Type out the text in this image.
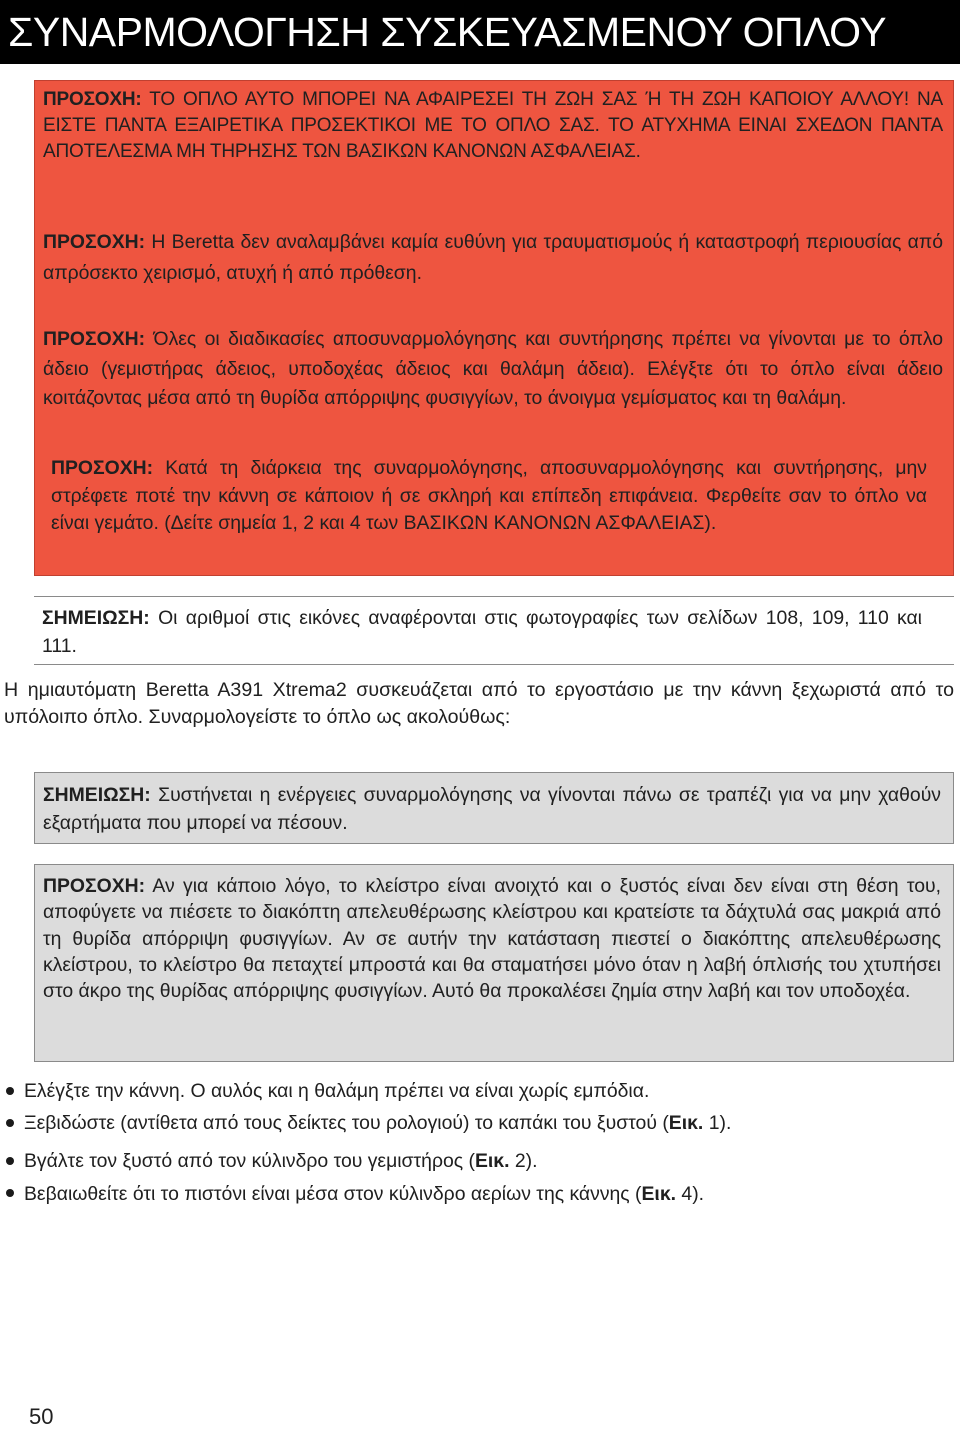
ΣΥΝΑΡΜΟΛΟΓΗΣΗ ΣΥΣΚΕΥΑΣΜΕΝΟΥ ΟΠΛΟΥ
ΠΡΟΣΟΧΗ: ΤΟ ΟΠΛΟ ΑΥΤΟ ΜΠΟΡΕΙ ΝΑ ΑΦΑΙΡΕΣΕΙ ΤΗ ΖΩΗ ΣΑΣ Ή ΤΗ ΖΩΗ ΚΑΠΟΙΟΥ ΑΛΛΟΥ! ΝΑ ΕΙΣΤΕ ΠΑΝΤΑ ΕΞΑΙΡΕΤΙΚΑ ΠΡΟΣΕΚΤΙΚΟΙ ΜΕ ΤΟ ΟΠΛΟ ΣΑΣ. ΤΟ ΑΤΥΧΗΜΑ ΕΙΝΑΙ ΣΧΕΔΟΝ ΠΑΝΤΑ ΑΠΟΤΕΛΕΣΜΑ ΜΗ ΤΗΡΗΣΗΣ ΤΩΝ ΒΑΣΙΚΩΝ ΚΑΝΟΝΩΝ ΑΣΦΑΛΕΙΑΣ.
ΠΡΟΣΟΧΗ: Η Beretta δεν αναλαμβάνει καμία ευθύνη για τραυματισμούς ή καταστροφή περιουσίας από απρόσεκτο χειρισμό, ατυχή ή από πρόθεση.
ΠΡΟΣΟΧΗ: Όλες οι διαδικασίες αποσυναρμολόγησης και συντήρησης πρέπει να γίνονται με το όπλο άδειο (γεμιστήρας άδειος, υποδοχέας άδειος και θαλάμη άδεια). Ελέγξτε ότι το όπλο είναι άδειο κοιτάζοντας μέσα από τη θυρίδα απόρριψης φυσιγγίων, το άνοιγμα γεμίσματος και τη θαλάμη.
ΠΡΟΣΟΧΗ: Κατά τη διάρκεια της συναρμολόγησης, αποσυναρμολόγησης και συντήρησης, μην στρέφετε ποτέ την κάννη σε κάποιον ή σε σκληρή και επίπεδη επιφάνεια. Φερθείτε σαν το όπλο να είναι γεμάτο. (Δείτε σημεία 1, 2 και 4 των ΒΑΣΙΚΩΝ ΚΑΝΟΝΩΝ ΑΣΦΑΛΕΙΑΣ).
ΣΗΜΕΙΩΣΗ: Οι αριθμοί στις εικόνες αναφέρονται στις φωτογραφίες των σελίδων 108, 109, 110 και 111.
Η ημιαυτόματη Beretta A391 Xtrema2 συσκευάζεται από το εργοστάσιο με την κάννη ξεχωριστά από το υπόλοιπο όπλο. Συναρμολογείστε το όπλο ως ακολούθως:
ΣΗΜΕΙΩΣΗ: Συστήνεται η ενέργειες συναρμολόγησης να γίνονται πάνω σε τραπέζι για να μην χαθούν εξαρτήματα που μπορεί να πέσουν.
ΠΡΟΣΟΧΗ: Αν για κάποιο λόγο, το κλείστρο είναι ανοιχτό και ο ξυστός είναι δεν είναι στη θέση του, αποφύγετε να πιέσετε το διακόπτη απελευθέρωσης κλείστρου και κρατείστε τα δάχτυλά σας μακριά από τη θυρίδα απόρριψη φυσιγγίων. Αν σε αυτήν την κατάσταση πιεστεί ο διακόπτης απελευθέρωσης κλείστρου, το κλείστρο θα πεταχτεί μπροστά και θα σταματήσει μόνο όταν η λαβή όπλισής του χτυπήσει στο άκρο της θυρίδας απόρριψης φυσιγγίων. Αυτό θα προκαλέσει ζημία στην λαβή και τον υποδοχέα.
Ελέγξτε την κάννη. Ο αυλός και η θαλάμη πρέπει να είναι χωρίς εμπόδια.
Ξεβιδώστε (αντίθετα από τους δείκτες του ρολογιού) το καπάκι του ξυστού (Εικ. 1).
Βγάλτε τον ξυστό από τον κύλινδρο του γεμιστήρος (Εικ. 2).
Βεβαιωθείτε ότι το πιστόνι είναι μέσα στον κύλινδρο αερίων της κάννης (Εικ. 4).
50
